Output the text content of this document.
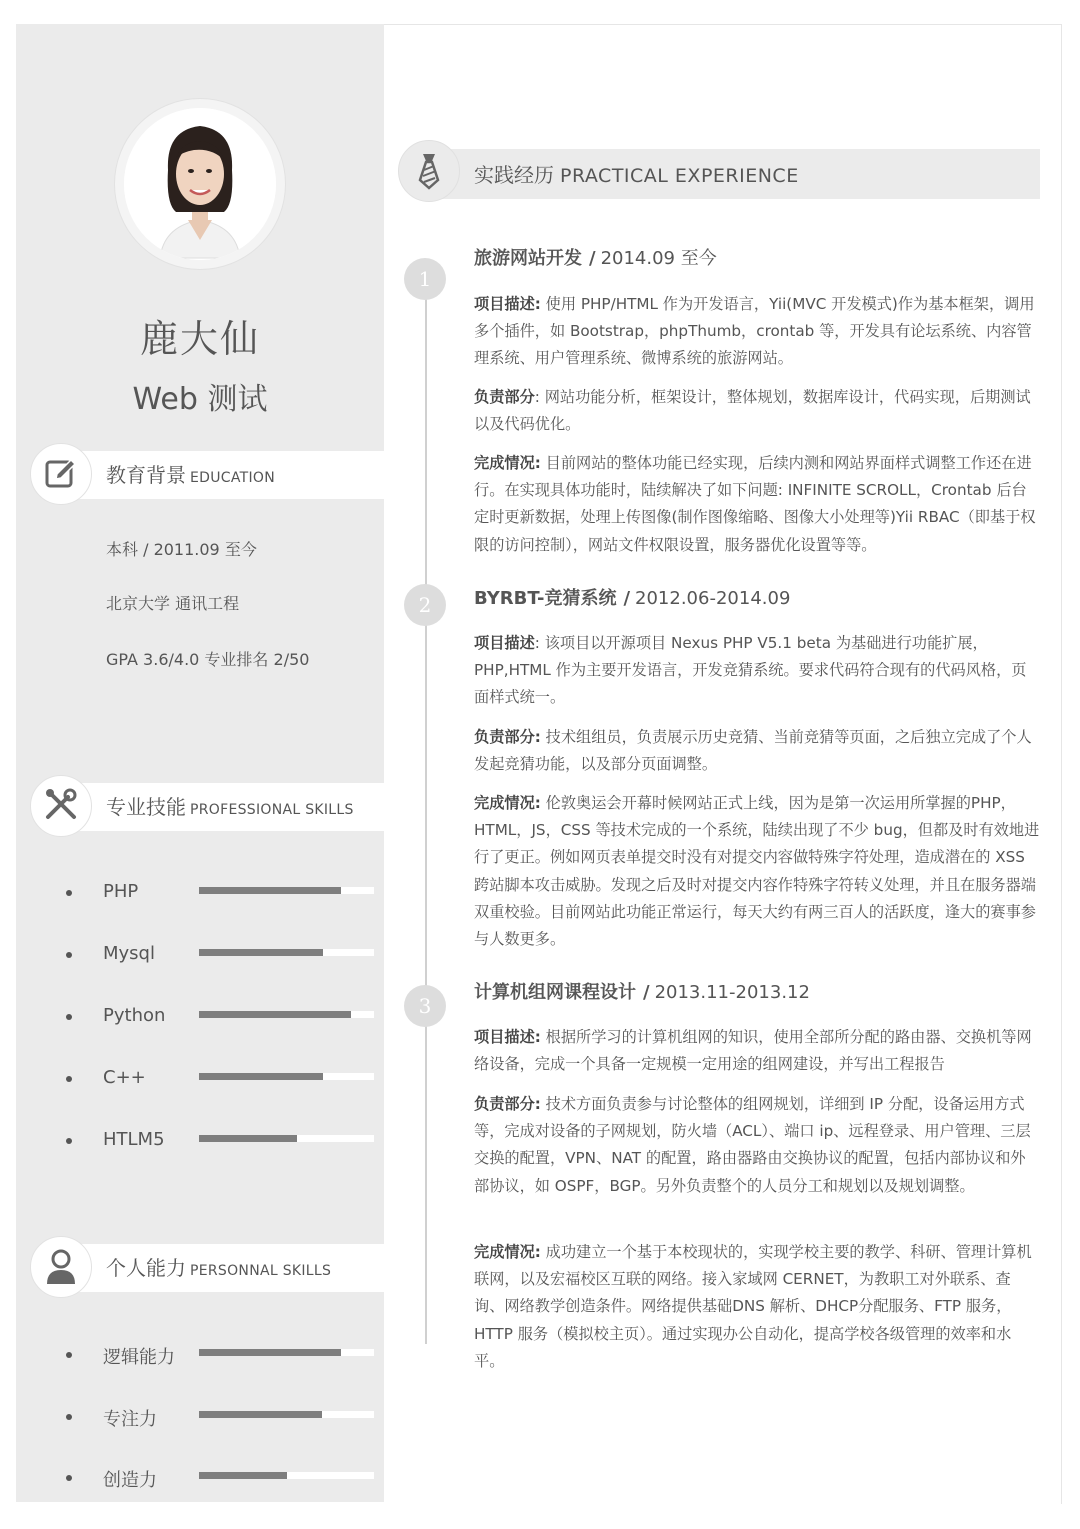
鹿大仙
Web 测试
教育背景 EDUCATION
本科 / 2011.09 至今
北京大学 通讯工程
GPA 3.6/4.0 专业排名 2/50
专业技能 PROFESSIONAL SKILLS
PHP
Mysql
Python
C++
HTLM5
个人能力 PERSONNAL SKILLS
逻辑能力
专注力
创造力
实践经历 PRACTICAL EXPERIENCE
1
2
3
旅游网站开发 / 2014.09 至今
项目描述: 使用 PHP/HTML 作为开发语言，Yii(MVC 开发模式)作为基本框架，调用多个插件，如 Bootstrap，phpThumb，crontab 等，开发具有论坛系统、内容管理系统、用户管理系统、微博系统的旅游网站。
负责部分: 网站功能分析，框架设计，整体规划，数据库设计，代码实现，后期测试以及代码优化。
完成情况: 目前网站的整体功能已经实现，后续内测和网站界面样式调整工作还在进行。在实现具体功能时，陆续解决了如下问题: INFINITE SCROLL，Crontab 后台定时更新数据，处理上传图像(制作图像缩略、图像大小处理等)Yii RBAC（即基于权限的访问控制），网站文件权限设置，服务器优化设置等等。
BYRBT-竞猜系统 / 2012.06-2014.09
项目描述: 该项目以开源项目 Nexus PHP V5.1 beta 为基础进行功能扩展，PHP,HTML 作为主要开发语言，开发竞猜系统。要求代码符合现有的代码风格，页面样式统一。
负责部分: 技术组组员，负责展示历史竞猜、当前竞猜等页面，之后独立完成了个人发起竞猜功能，以及部分页面调整。
完成情况: 伦敦奥运会开幕时候网站正式上线，因为是第一次运用所掌握的PHP，HTML，JS，CSS 等技术完成的一个系统，陆续出现了不少 bug，但都及时有效地进行了更正。例如网页表单提交时没有对提交内容做特殊字符处理，造成潜在的 XSS 跨站脚本攻击威胁。发现之后及时对提交内容作特殊字符转义处理，并且在服务器端双重校验。目前网站此功能正常运行，每天大约有两三百人的活跃度，逢大的赛事参与人数更多。
计算机组网课程设计 / 2013.11-2013.12
项目描述: 根据所学习的计算机组网的知识，使用全部所分配的路由器、交换机等网络设备，完成一个具备一定规模一定用途的组网建设，并写出工程报告
负责部分: 技术方面负责参与讨论整体的组网规划，详细到 IP 分配，设备运用方式等，完成对设备的子网规划，防火墙（ACL）、端口 ip、远程登录、用户管理、三层交换的配置，VPN、NAT 的配置，路由器路由交换协议的配置，包括内部协议和外部协议，如 OSPF，BGP。另外负责整个的人员分工和规划以及规划调整。
完成情况: 成功建立一个基于本校现状的，实现学校主要的教学、科研、管理计算机联网，以及宏福校区互联的网络。接入家域网 CERNET，为教职工对外联系、查询、网络教学创造条件。网络提供基础DNS 解析、DHCP分配服务、FTP 服务，HTTP 服务（模拟校主页）。通过实现办公自动化，提高学校各级管理的效率和水平。
